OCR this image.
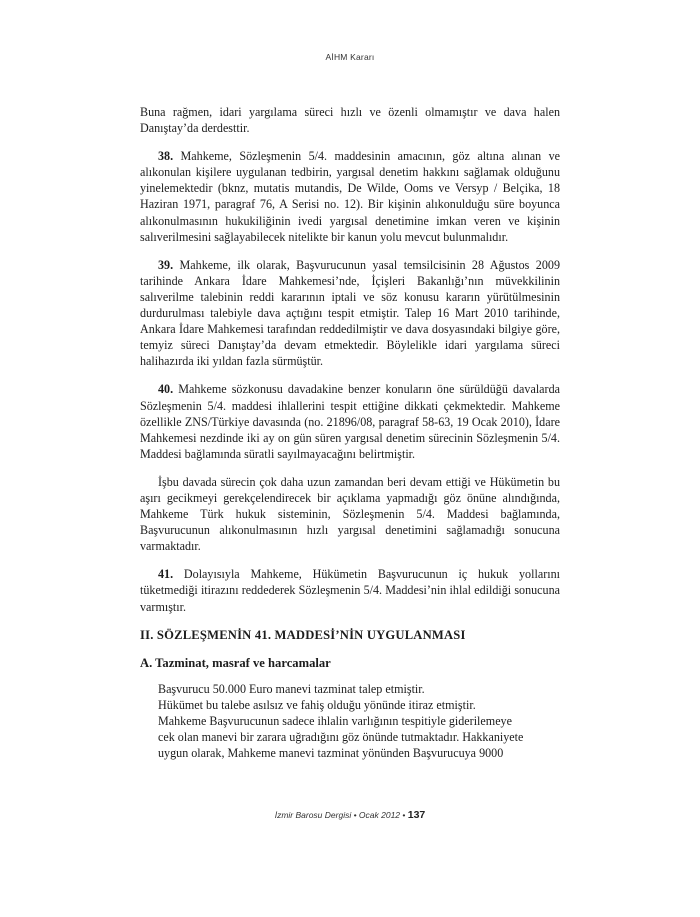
AİHM Kararı

Buna rağmen, idari yargılama süreci hızlı ve özenli olmamıştır ve dava halen Danıştay’da derdesttir.

38. Mahkeme, Sözleşmenin 5/4. maddesinin amacının, göz altına alınan ve alıkonulan kişilere uygulanan tedbirin, yargısal denetim hakkını sağlamak olduğunu yinelemektedir (bknz, mutatis mutandis, De Wilde, Ooms ve Versyp / Belçika, 18 Haziran 1971, paragraf 76, A Serisi no. 12). Bir kişinin alıkonulduğu süre boyunca alıkonulmasının hukukiliğinin ivedi yargısal denetimine imkan veren ve kişinin salıverilmesini sağlayabilecek nitelikte bir kanun yolu mevcut bulunmalıdır.

39. Mahkeme, ilk olarak, Başvurucunun yasal temsilcisinin 28 Ağustos 2009 tarihinde Ankara İdare Mahkemesi’nde, İçişleri Bakanlığı’nın müvekkilinin salıverilme talebinin reddi kararının iptali ve söz konusu kararın yürütülmesinin durdurulması talebiyle dava açtığını tespit etmiştir. Talep 16 Mart 2010 tarihinde, Ankara İdare Mahkemesi tarafından reddedilmiştir ve dava dosyasındaki bilgiye göre, temyiz süreci Danıştay’da devam etmektedir. Böylelikle idari yargılama süreci halihazırda iki yıldan fazla sürmüştür.

40. Mahkeme sözkonusu davadakine benzer konuların öne sürüldüğü davalarda Sözleşmenin 5/4. maddesi ihlallerini tespit ettiğine dikkati çekmektedir. Mahkeme özellikle ZNS/Türkiye davasında (no. 21896/08, paragraf 58-63, 19 Ocak 2010), İdare Mahkemesi nezdinde iki ay on gün süren yargısal denetim sürecinin Sözleşmenin 5/4. Maddesi bağlamında süratli sayılmayacağını belirtmiştir.

İşbu davada sürecin çok daha uzun zamandan beri devam ettiği ve Hükümetin bu aşırı gecikmeyi gerekçelendirecek bir açıklama yapmadığı göz önüne alındığında, Mahkeme Türk hukuk sisteminin, Sözleşmenin 5/4. Maddesi bağlamında, Başvurucunun alıkonulmasının hızlı yargısal denetimini sağlamadığı sonucuna varmaktadır.

41. Dolayısıyla Mahkeme, Hükümetin Başvurucunun iç hukuk yollarını tüketmediği itirazını reddederek Sözleşmenin 5/4. Maddesi’nin ihlal edildiği sonucuna varmıştır.

II. SÖZLEŞMENİN 41. MADDESİ’NİN UYGULANMASI
A. Tazminat, masraf ve harcamalar
Başvurucu 50.000 Euro manevi tazminat talep etmiştir.
Hükümet bu talebe asılsız ve fahiş olduğu yönünde itiraz etmiştir.
Mahkeme Başvurucunun sadece ihlalin varlığının tespitiyle giderilemeye
cek olan manevi bir zarara uğradığını göz önünde tutmaktadır. Hakkaniyete
uygun olarak, Mahkeme manevi tazminat yönünden Başvurucuya 9000
İzmir Barosu Dergisi • Ocak 2012 • 137
